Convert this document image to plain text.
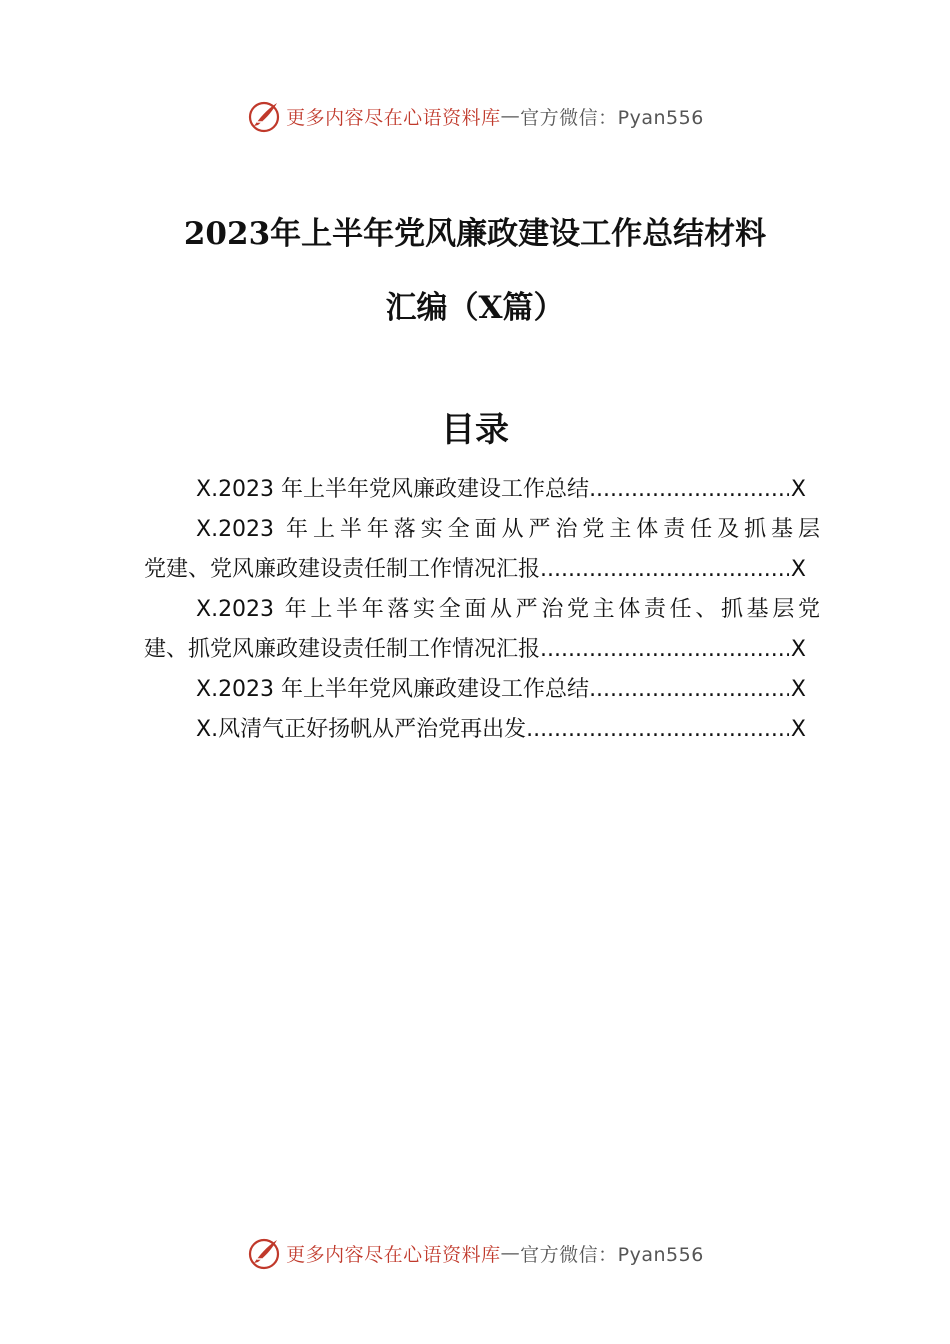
更多内容尽在心语资料库 — 官方微信：Pyan556
2023年上半年党风廉政建设工作总结材料
汇编（X篇）
目录
X.2023 年上半年党风廉政建设工作总结 .....	X
X.2023 年上半年落实全面从严治党主体责任及抓基层
党建、党风廉政建设责任制工作情况汇报 .....	X
X.2023 年上半年落实全面从严治党主体责任、抓基层党
建、抓党风廉政建设责任制工作情况汇报 .....	X
X.2023 年上半年党风廉政建设工作总结 .....	X
X.风清气正好扬帆从严治党再出发 .....	X
更多内容尽在心语资料库 — 官方微信：Pyan556
